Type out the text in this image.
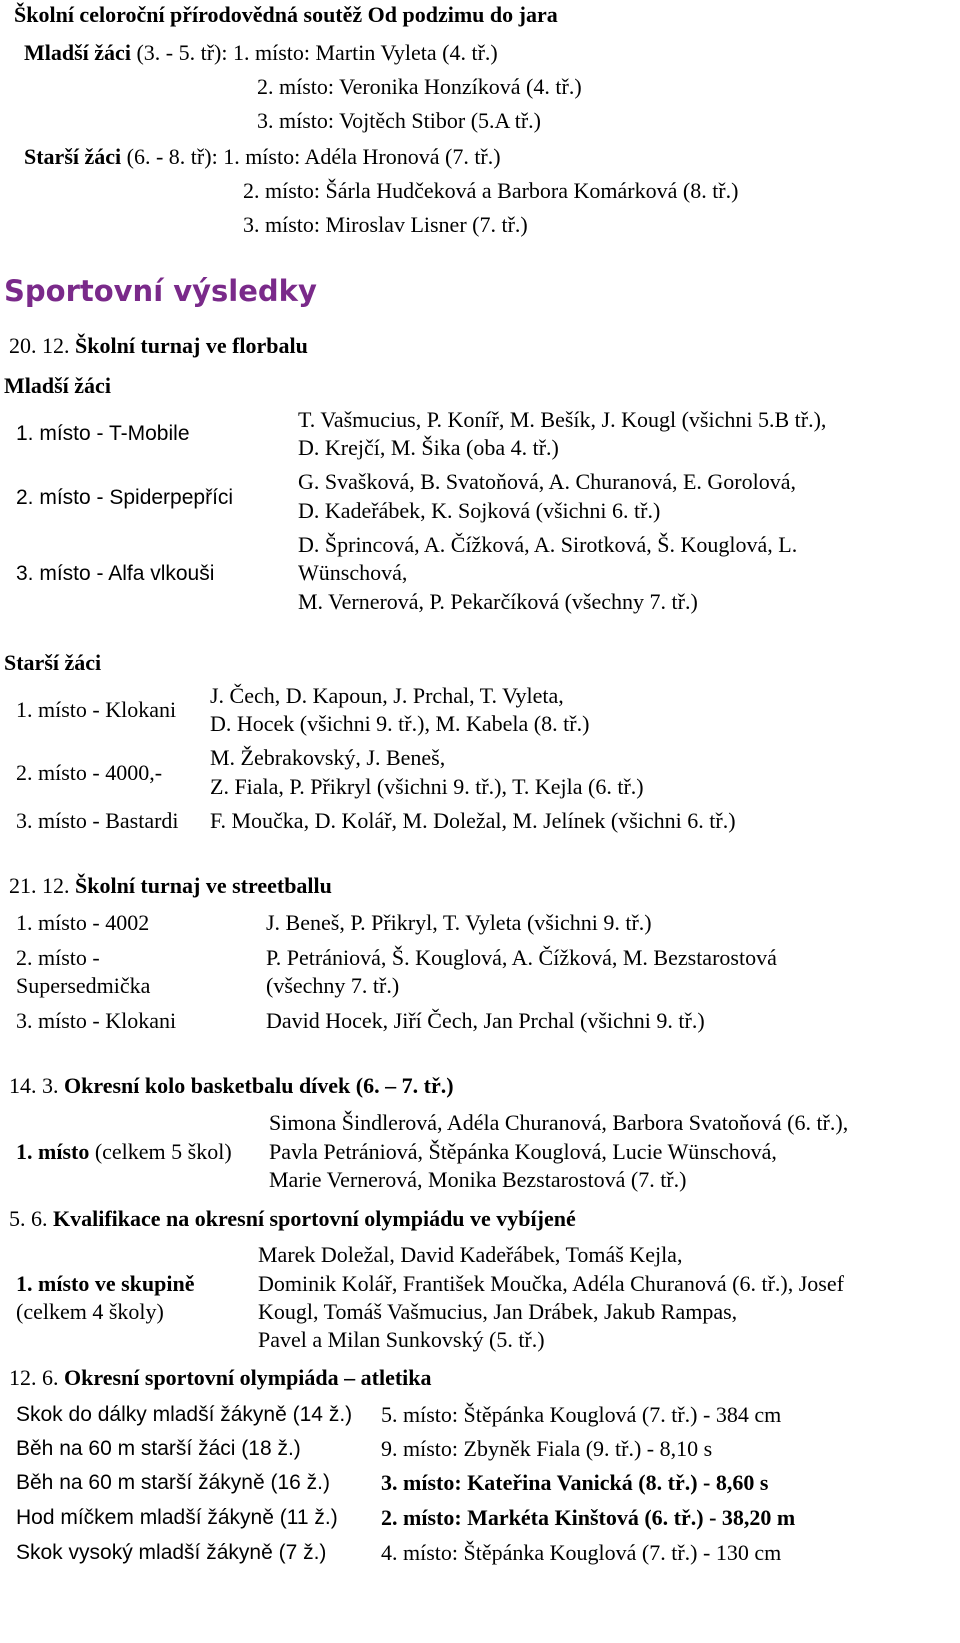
Školní celoroční přírodovědná soutěž Od podzimu do jara
Mladší žáci (3. - 5. tř): 1. místo: Martin Vyleta (4. tř.)
2. místo: Veronika Honzíková (4. tř.)
3. místo: Vojtěch Stibor (5.A tř.)
Starší žáci (6. - 8. tř): 1. místo: Adéla Hronová (7. tř.)
2. místo: Šárla Hudčeková a Barbora Komárková (8. tř.)
3. místo: Miroslav Lisner (7. tř.)
Sportovní výsledky
20. 12. Školní turnaj ve florbalu
Mladší žáci
1. místo - T-Mobile
T. Vašmucius, P. Koníř, M. Bešík, J. Kougl (všichni 5.B tř.),
D. Krejčí, M. Šika (oba 4. tř.)
2. místo - Spiderpepříci
G. Svašková, B. Svatoňová, A. Churanová, E. Gorolová,
D. Kadeřábek, K. Sojková (všichni 6. tř.)
3. místo - Alfa vlkouši
D. Šprincová, A. Čížková, A. Sirotková, Š. Kouglová, L.
Wünschová,
M. Vernerová, P. Pekarčíková (všechny 7. tř.)
Starší žáci
1. místo - Klokani
J. Čech, D. Kapoun, J. Prchal, T. Vyleta,
D. Hocek (všichni 9. tř.), M. Kabela (8. tř.)
2. místo - 4000,-
M. Žebrakovský, J. Beneš,
Z. Fiala, P. Přikryl (všichni 9. tř.), T. Kejla (6. tř.)
3. místo - Bastardi F. Moučka, D. Kolář, M. Doležal, M. Jelínek (všichni 6. tř.)
21. 12. Školní turnaj ve streetballu
1. místo - 4002	J. Beneš, P. Přikryl, T. Vyleta (všichni 9. tř.)
2. místo -
Supersedmička
P. Petrániová, Š. Kouglová, A. Čížková, M. Bezstarostová
(všechny 7. tř.)
3. místo - Klokani	David Hocek, Jiří Čech, Jan Prchal (všichni 9. tř.)
14. 3. Okresní kolo basketbalu dívek (6. – 7. tř.)
1. místo (celkem 5 škol)
Simona Šindlerová, Adéla Churanová, Barbora Svatoňová (6. tř.),
Pavla Petrániová, Štěpánka Kouglová, Lucie Wünschová,
Marie Vernerová, Monika Bezstarostová (7. tř.)
5. 6. Kvalifikace na okresní sportovní olympiádu ve vybíjené
1. místo ve skupině
(celkem 4 školy)
Marek Doležal, David Kadeřábek, Tomáš Kejla,
Dominik Kolář, František Moučka, Adéla Churanová (6. tř.), Josef
Kougl, Tomáš Vašmucius, Jan Drábek, Jakub Rampas,
Pavel a Milan Sunkovský (5. tř.)
12. 6. Okresní sportovní olympiáda – atletika
Skok do dálky mladší žákyně (14 ž.) 5. místo: Štěpánka Kouglová (7. tř.) - 384 cm
Běh na 60 m starší žáci (18 ž.)	9. místo: Zbyněk Fiala (9. tř.) - 8,10 s
Běh na 60 m starší žákyně (16 ž.) 3. místo: Kateřina Vanická (8. tř.) - 8,60 s
Hod míčkem mladší žákyně (11 ž.) 2. místo: Markéta Kinštová (6. tř.) - 38,20 m
Skok vysoký mladší žákyně (7 ž.) 4. místo: Štěpánka Kouglová (7. tř.) - 130 cm
